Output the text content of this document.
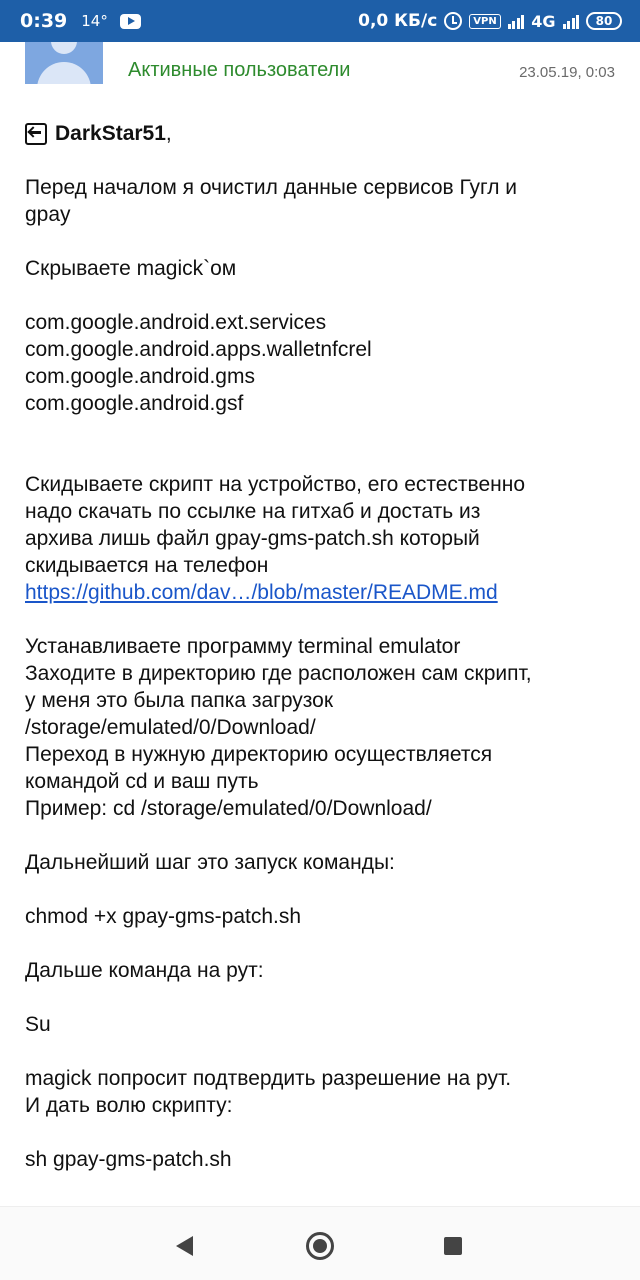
0:39 14°	0,0 КБ/с	VPN 4G	80
Активные пользователи	23.05.19, 0:03
DarkStar51 ,
Перед началом я очистил данные сервисов Гугл и
gpay
Скрываете magick`ом
com.google.android.ext.services
com.google.android.apps.walletnfcrel
com.google.android.gms
com.google.android.gsf
Скидываете скрипт на устройство, его естественно
надо скачать по ссылке на гитхаб и достать из
архива лишь файл gpay-gms-patch.sh который
скидывается на телефон
https://github.com/dav…/blob/master/README.md
Устанавливаете программу terminal emulator
Заходите в директорию где расположен сам скрипт,
у меня это была папка загрузок
/storage/emulated/0/Download/
Переход в нужную директорию осуществляется
командой cd и ваш путь
Пример: cd /storage/emulated/0/Download/
Дальнейший шаг это запуск команды:
chmod +x gpay-gms-patch.sh
Дальше команда на рут:
Su
magick попросит подтвердить разрешение на рут.
И дать волю скрипту:
sh gpay-gms-patch.sh
